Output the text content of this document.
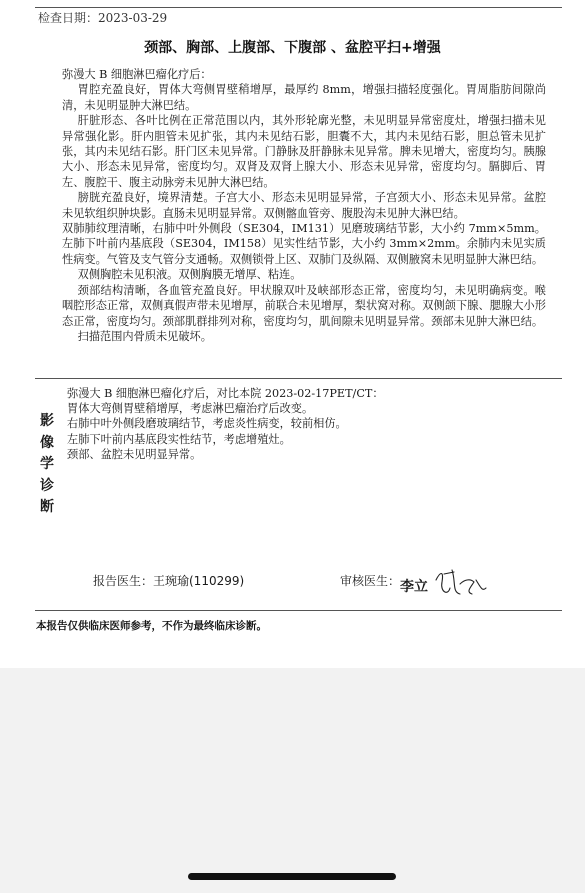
检查日期：2023-03-29
颈部、胸部、上腹部、下腹部 、盆腔平扫+增强

弥漫大 B 细胞淋巴瘤化疗后：

胃腔充盈良好，胃体大弯侧胃壁稍增厚，最厚约 8mm，增强扫描轻度强化。胃周脂肪间隙尚清，未见明显肿大淋巴结。

肝脏形态、各叶比例在正常范围以内，其外形轮廓光整，未见明显异常密度灶，增强扫描未见异常强化影。肝内胆管未见扩张，其内未见结石影，胆囊不大，其内未见结石影，胆总管未见扩张，其内未见结石影。肝门区未见异常。门静脉及肝静脉未见异常。脾未见增大，密度均匀。胰腺大小、形态未见异常，密度均匀。双肾及双肾上腺大小、形态未见异常，密度均匀。膈脚后、胃左、腹腔干、腹主动脉旁未见肿大淋巴结。

膀胱充盈良好，境界清楚。子宫大小、形态未见明显异常，子宫颈大小、形态未见异常。盆腔未见软组织肿块影。直肠未见明显异常。双侧髂血管旁、腹股沟未见肿大淋巴结。

双肺肺纹理清晰，右肺中叶外侧段（SE304，IM131）见磨玻璃结节影，大小约 7mm×5mm。左肺下叶前内基底段（SE304，IM158）见实性结节影，大小约 3mm×2mm。余肺内未见实质性病变。气管及支气管分支通畅。双侧锁骨上区、双肺门及纵隔、双侧腋窝未见明显肿大淋巴结。

双侧胸腔未见积液。双侧胸膜无增厚、粘连。

颈部结构清晰，各血管充盈良好。甲状腺双叶及峡部形态正常，密度均匀，未见明确病变。喉咽腔形态正常，双侧真假声带未见增厚，前联合未见增厚，梨状窝对称。双侧颌下腺、腮腺大小形态正常，密度均匀。颈部肌群排列对称，密度均匀，肌间隙未见明显异常。颈部未见肿大淋巴结。

扫描范围内骨质未见破坏。

影
像
学
诊
断

弥漫大 B 细胞淋巴瘤化疗后，对比本院 2023-02-17PET/CT：

胃体大弯侧胃壁稍增厚，考虑淋巴瘤治疗后改变。

右肺中叶外侧段磨玻璃结节，考虑炎性病变，较前相仿。

左肺下叶前内基底段实性结节，考虑增殖灶。

颈部、盆腔未见明显异常。

报告医生：王琬瑜(110299)	审核医生： 李立
本报告仅供临床医师参考，不作为最终临床诊断。
